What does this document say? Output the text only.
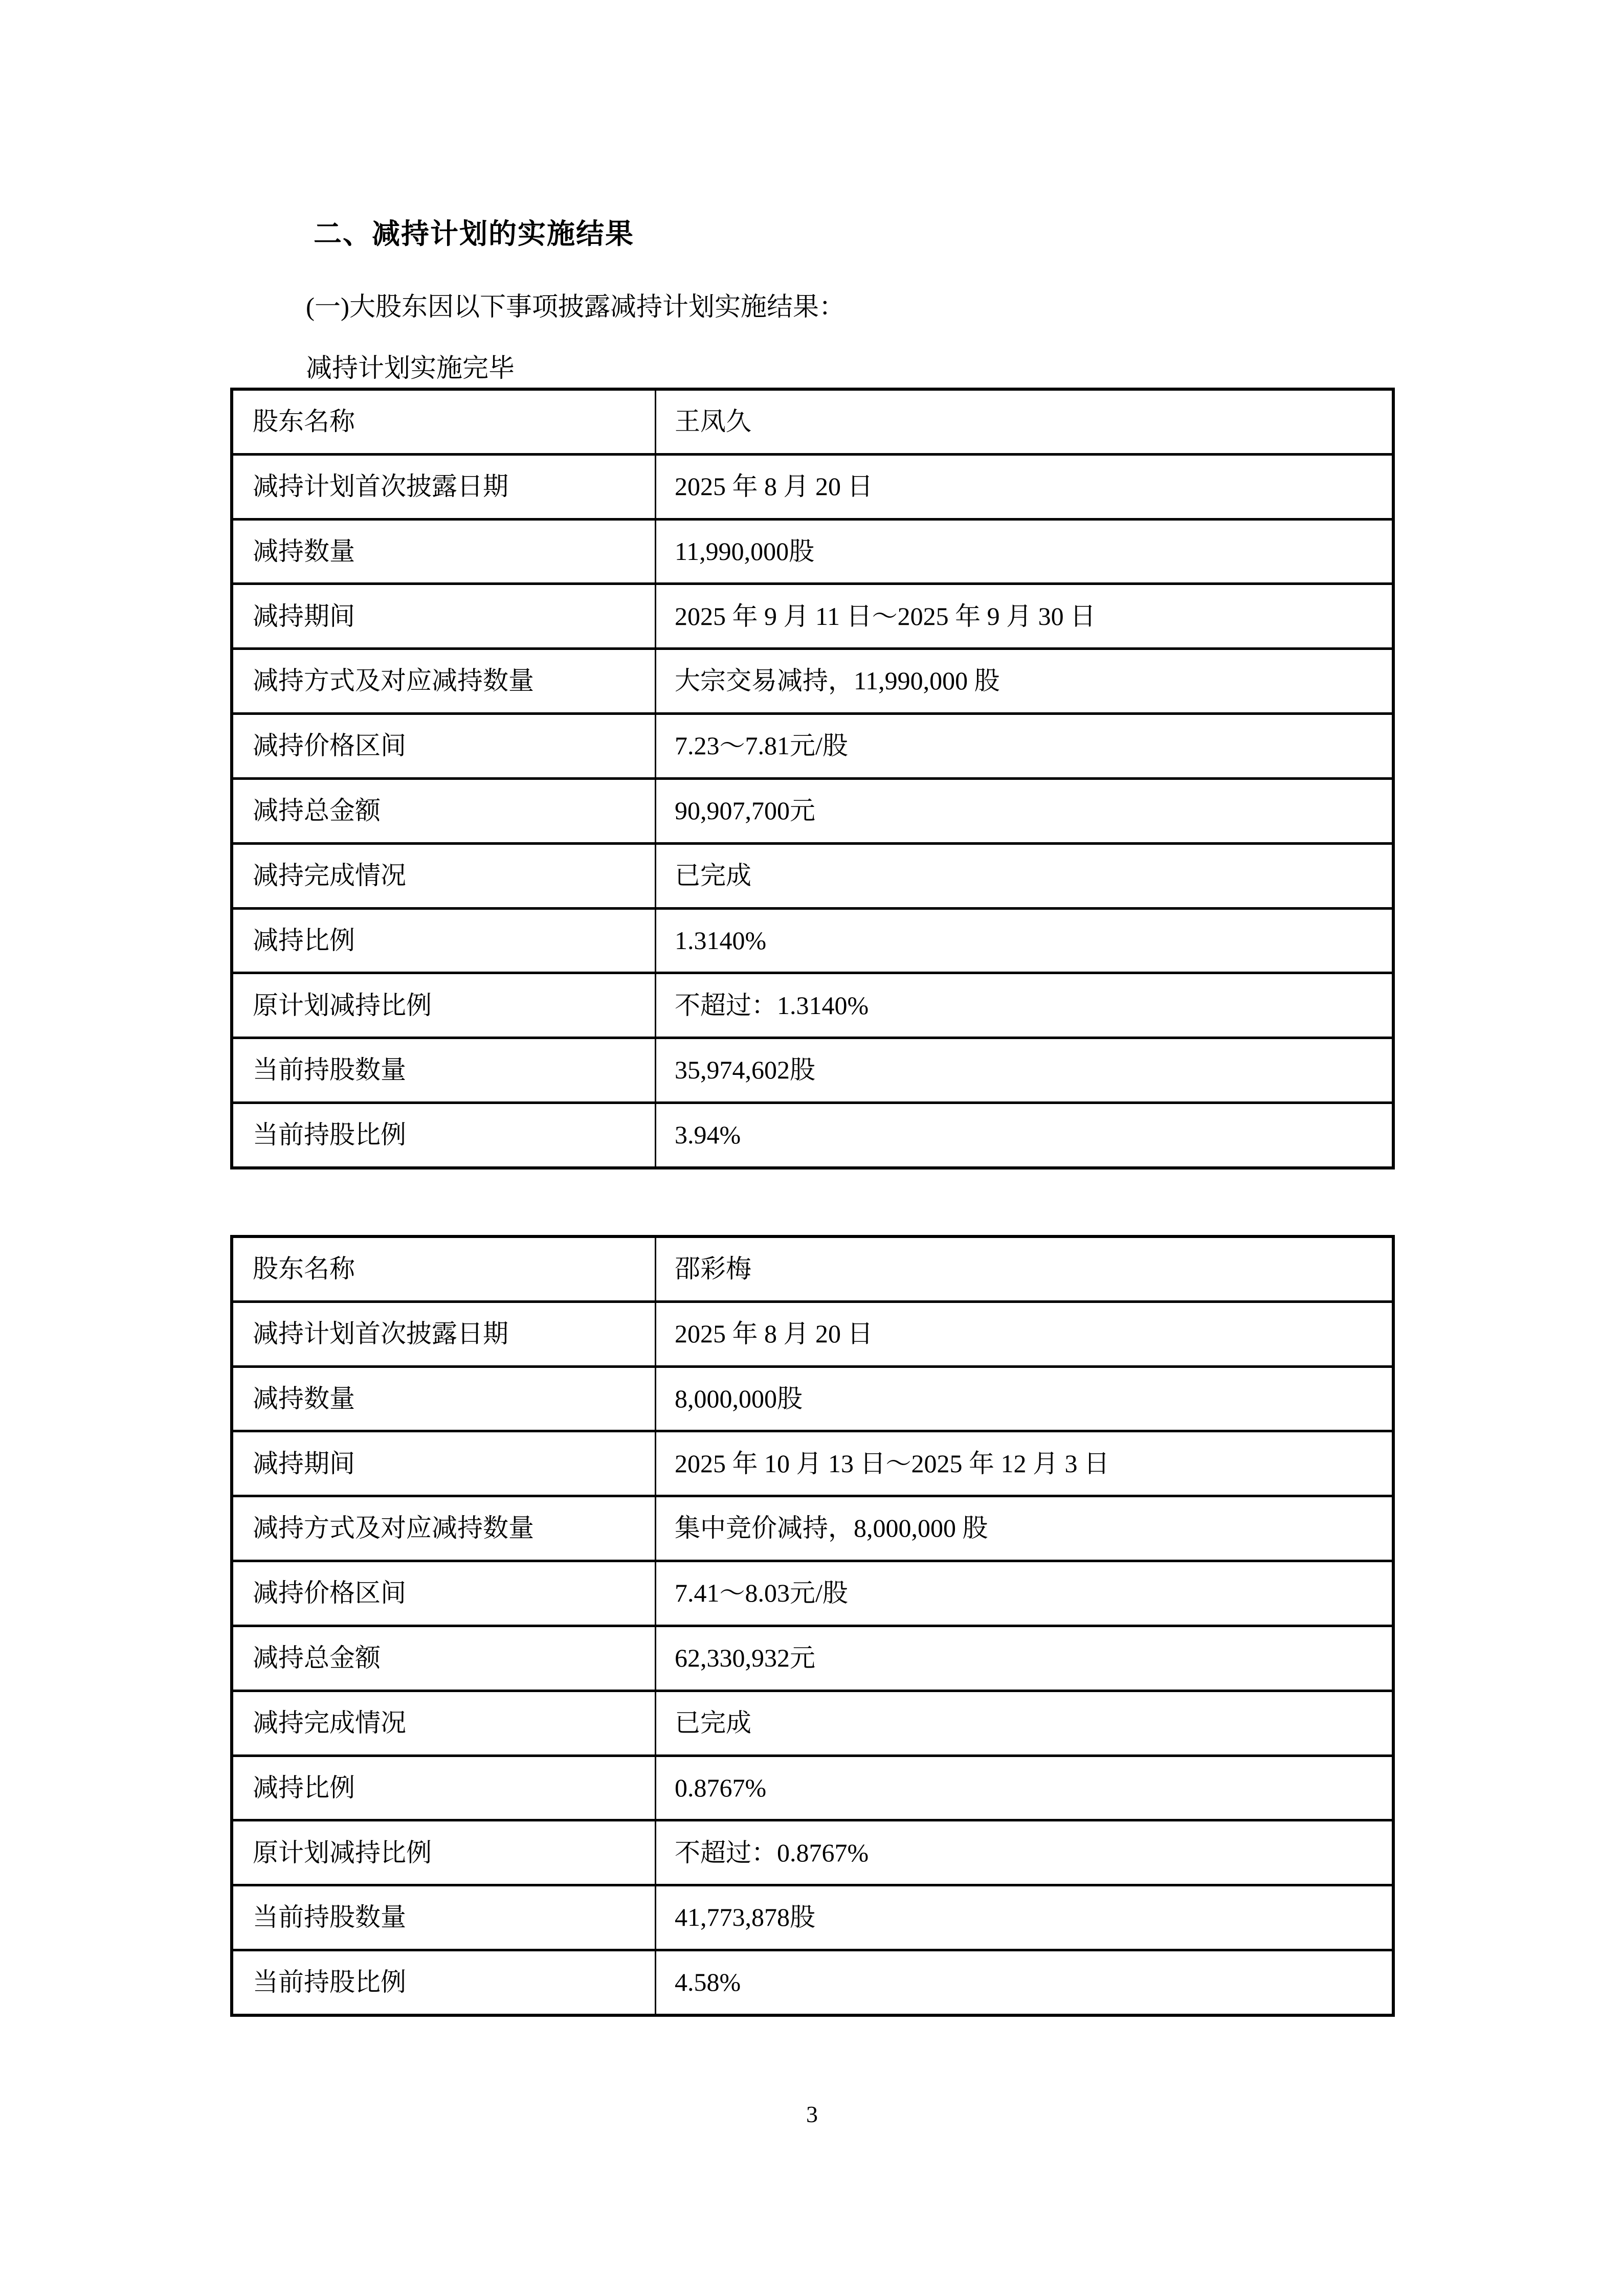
二、减持计划的实施结果
(一)大股东因以下事项披露减持计划实施结果：
减持计划实施完毕
股东名称	王凤久
减持计划首次披露日期	2025 年 8 月 20 日
减持数量	11,990,000股
减持期间	2025 年 9 月 11 日～2025 年 9 月 30 日
减持方式及对应减持数量	大宗交易减持，11,990,000 股
减持价格区间	7.23～7.81元/股
减持总金额	90,907,700元
减持完成情况	已完成
减持比例	1.3140%
原计划减持比例	不超过：1.3140%
当前持股数量	35,974,602股
当前持股比例	3.94%
股东名称	邵彩梅
减持计划首次披露日期	2025 年 8 月 20 日
减持数量	8,000,000股
减持期间	2025 年 10 月 13 日～2025 年 12 月 3 日
减持方式及对应减持数量	集中竞价减持，8,000,000 股
减持价格区间	7.41～8.03元/股
减持总金额	62,330,932元
减持完成情况	已完成
减持比例	0.8767%
原计划减持比例	不超过：0.8767%
当前持股数量	41,773,878股
当前持股比例	4.58%
3
